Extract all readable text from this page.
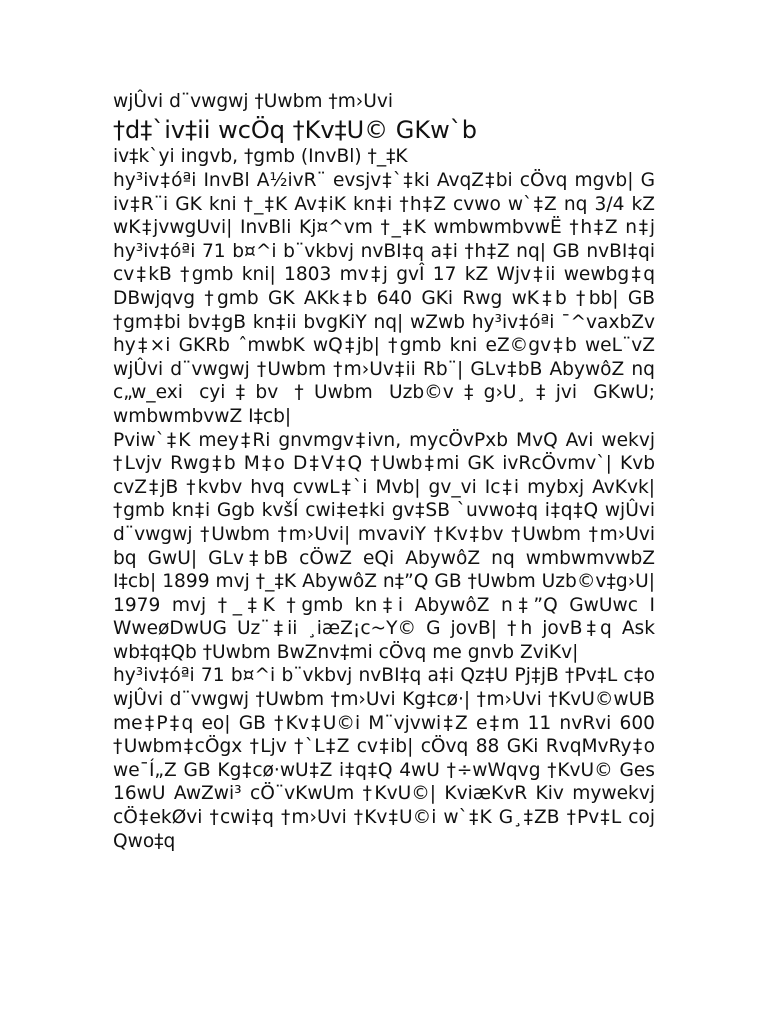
wjÛvi d¨vwgwj †Uwbm †m›Uvi

†d‡`iv‡ii wcÖq †Kv‡U© GKw`b

iv‡k`yi ingvb, †gmb (InvBl) †_‡K

hy³iv‡óªi InvBl A½ivR¨ evsjv‡`‡ki AvqZ‡bi cÖvq mgvb| G iv‡R¨i GK kni †_‡K Av‡iK kn‡i †h‡Z cvwo w`‡Z nq 3/4 kZ wK‡jvwgUvi| InvBli Kj¤^vm †_‡K wmbwmbvwË †h‡Z n‡j hy³iv‡óªi 71 b¤^i b¨vkbvj nvBI‡q a‡i †h‡Z nq| GB nvBI‡qi cv‡kB †gmb kni| 1803 mv‡j gvÎ 17 kZ Wjv‡ii wewbg‡q DBwjqvg †gmb GK AKk‡b 640 GKi Rwg wK‡b †bb| GB †gm‡bi bv‡gB kn‡ii bvgKiY nq| wZwb hy³iv‡óªi ¯^vaxbZv hy‡×i GKRb ˆmwbK wQ‡jb| †gmb kni eZ©gv‡b weL¨vZ wjÛvi d¨vwgwj †Uwbm †m›Uv‡ii Rb¨| GLv‡bB AbywôZ nq c„w_exi cyi‡bv †Uwbm Uzb©v‡g›U¸‡jvi GKwU; wmbwmbvwZ I‡cb|

Pviw`‡K mey‡Ri gnvmgv‡ivn, mycÖvPxb MvQ Avi wekvj †Lvjv Rwg‡b M‡o D‡V‡Q †Uwb‡mi GK ivRcÖvmv`| Kvb cvZ‡jB †kvbv hvq cvwL‡`i Mvb| gv_vi Ic‡i mybxj AvKvk| †gmb kn‡i Ggb kvšÍ cwi‡e‡ki gv‡SB `uvwo‡q i‡q‡Q wjÛvi d¨vwgwj †Uwbm †m›Uvi| mvaviY †Kv‡bv †Uwbm †m›Uvi bq GwU| GLv‡bB cÖwZ eQi AbywôZ nq wmbwmvwbZ I‡cb| 1899 mvj †_‡K AbywôZ n‡”Q GB †Uwbm Uzb©v‡g›U| 1979 mvj †_‡K †gmb kn‡i AbywôZ n‡”Q GwUwc I WweøDwUG Uz¨‡ii ¸iæZ¡c~Y© G jovB| †h jovB‡q Ask wb‡q‡Qb †Uwbm BwZnv‡mi cÖvq me gnvb ZviKv|

hy³iv‡óªi 71 b¤^i b¨vkbvj nvBI‡q a‡i Qz‡U Pj‡jB †Pv‡L c‡o wjÛvi d¨vwgwj †Uwbm †m›Uvi Kg‡cø·| †m›Uvi †KvU©wUB me‡P‡q eo| GB †Kv‡U©i M¨vjvwi‡Z e‡m 11 nvRvi 600 †Uwbm‡cÖgx †Ljv †`L‡Z cv‡ib| cÖvq 88 GKi RvqMvRy‡o we¯Í„Z GB Kg‡cø·wU‡Z i‡q‡Q 4wU †÷wWqvg †KvU© Ges 16wU AwZwi³ cÖ¨vKwUm †KvU©| KviæKvR Kiv mywekvj cÖ‡ekØvi †cwi‡q †m›Uvi †Kv‡U©i w`‡K G¸‡ZB †Pv‡L coj Qwo‡q
